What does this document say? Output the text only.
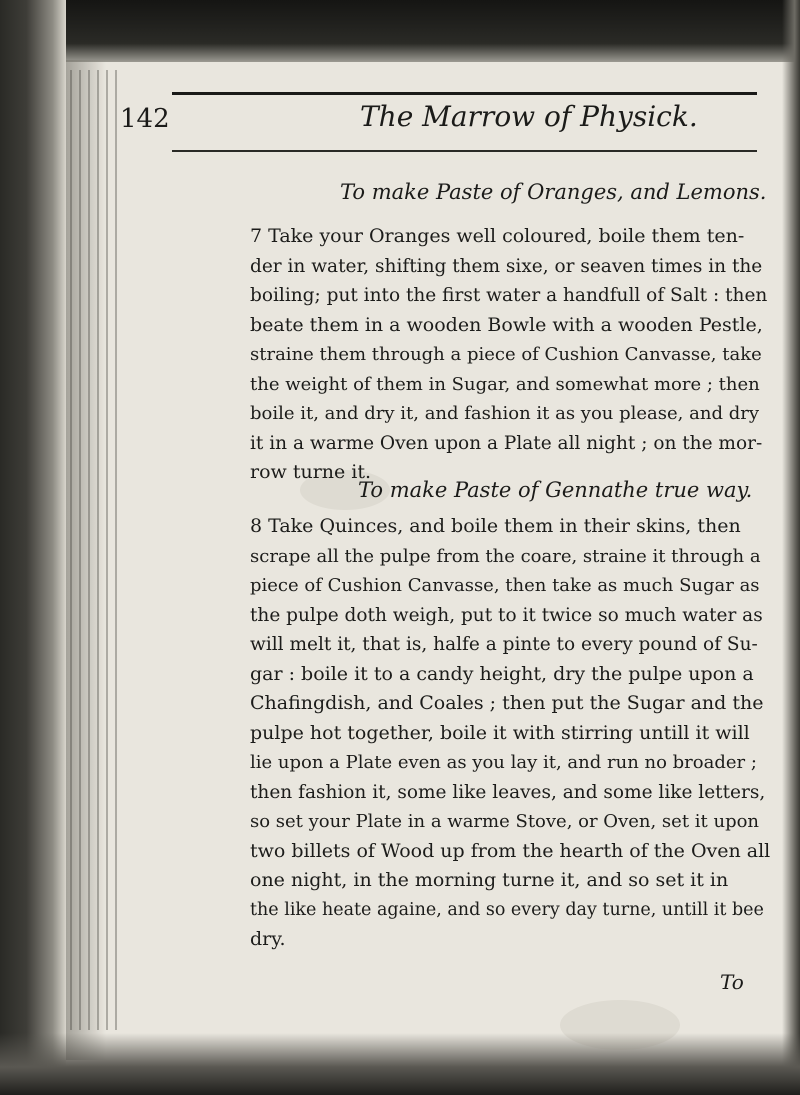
142	The Marrow of Physick.
To make Paste of Oranges, and Lemons.
7 Take your Oranges well coloured, boile them ten-
der in water, shifting them sixe, or seaven times in the
boiling; put into the first water a handfull of Salt : then
beate them in a wooden Bowle with a wooden Pestle,
straine them through a piece of Cushion Canvasse, take
the weight of them in Sugar, and somewhat more ; then
boile it, and dry it, and fashion it as you please, and dry
it in a warme Oven upon a Plate all night ; on the mor-
row turne it.
To make Paste of Gennathe true way.
8 Take Quinces, and boile them in their skins, then
scrape all the pulpe from the coare, straine it through a
piece of Cushion Canvasse, then take as much Sugar as
the pulpe doth weigh, put to it twice so much water as
will melt it, that is, halfe a pinte to every pound of Su-
gar : boile it to a candy height, dry the pulpe upon a
Chafingdish, and Coales ; then put the Sugar and the
pulpe hot together, boile it with stirring untill it will
lie upon a Plate even as you lay it, and run no broader ;
then fashion it, some like leaves, and some like letters,
so set your Plate in a warme Stove, or Oven, set it upon
two billets of Wood up from the hearth of the Oven all
one night, in the morning turne it, and so set it in
the like heate againe, and so every day turne, untill it bee
dry.
To
